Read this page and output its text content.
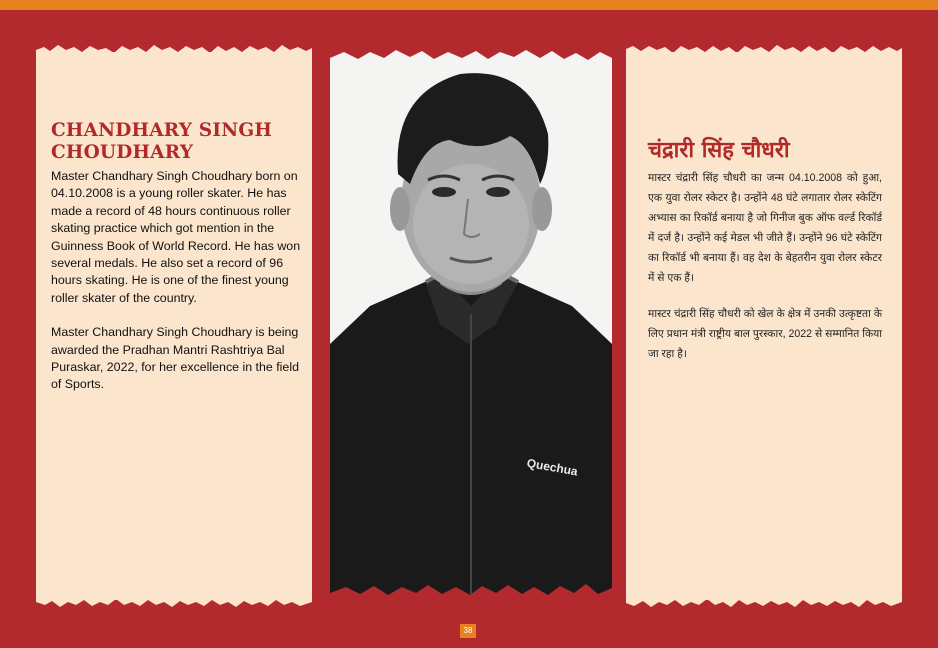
CHANDHARY SINGH CHOUDHARY

Master Chandhary Singh Choudhary born on 04.10.2008 is a young roller skater. He has made a record of 48 hours continuous roller skating practice which got mention in the Guinness Book of World Record. He has won several medals. He also set a record of 96 hours skating. He is one of the finest young roller skater of the country.

Master Chandhary Singh Choudhary is being awarded the Pradhan Mantri Rashtriya Bal Puraskar, 2022, for her excellence in the field of Sports.

Quechua
चंद्रारी सिंह चौधरी

मास्टर चंद्रारी सिंह चौधरी का जन्म 04.10.2008 को हुआ, एक युवा रोलर स्केटर है। उन्होंने 48 घंटे लगातार रोलर स्केटिंग अभ्यास का रिकॉर्ड बनाया है जो गिनीज बुक ऑफ वर्ल्ड रिकॉर्ड में दर्ज है। उन्होंने कई मेडल भी जीते हैं। उन्होंने 96 घंटे स्केटिंग का रिकॉर्ड भी बनाया हैं। वह देश के बेहतरीन युवा रोलर स्केटर में से एक हैं।

मास्टर चंद्रारी सिंह चौधरी को खेल के क्षेत्र में उनकी उत्कृष्टता के लिए प्रधान मंत्री राष्ट्रीय बाल पुरस्कार, 2022 से सम्मानित किया जा रहा है।

38
